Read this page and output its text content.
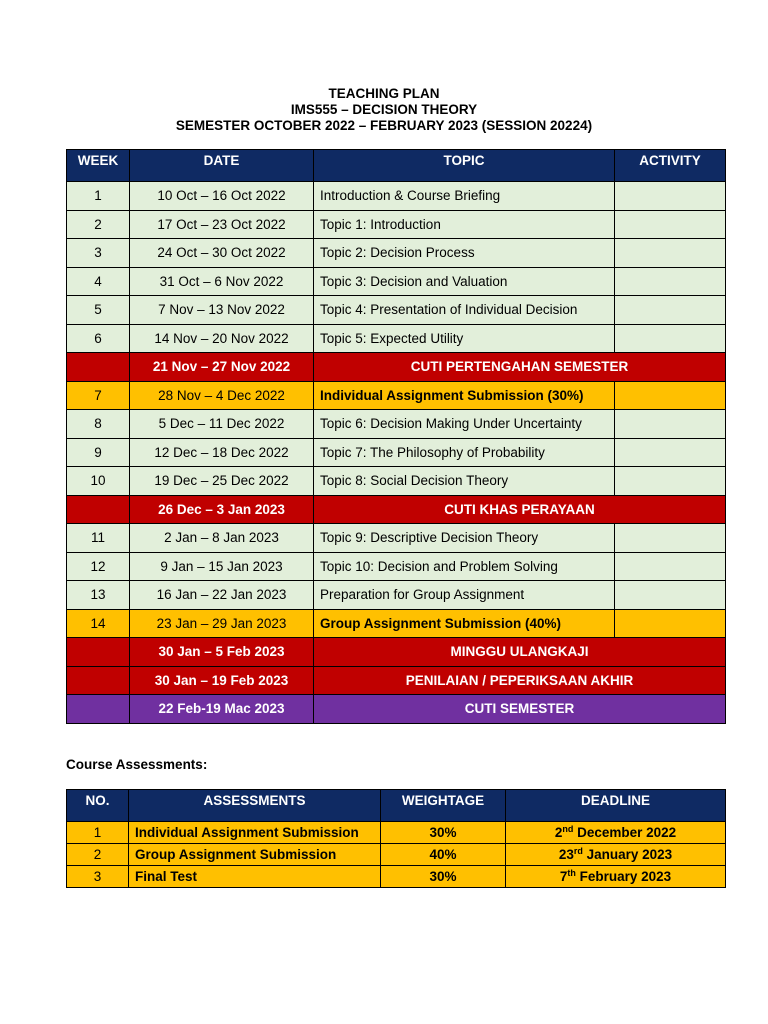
TEACHING PLAN
IMS555 – DECISION THEORY
SEMESTER OCTOBER 2022 – FEBRUARY 2023 (SESSION 20224)
WEEK	DATE	TOPIC	ACTIVITY
1	10 Oct – 16 Oct 2022	Introduction & Course Briefing	
2	17 Oct – 23 Oct 2022	Topic 1: Introduction	
3	24 Oct – 30 Oct 2022	Topic 2: Decision Process	
4	31 Oct – 6 Nov 2022	Topic 3: Decision and Valuation	
5	7 Nov – 13 Nov 2022	Topic 4: Presentation of Individual Decision	
6	14 Nov – 20 Nov 2022	Topic 5: Expected Utility	
	21 Nov – 27 Nov 2022	CUTI PERTENGAHAN SEMESTER	
7	28 Nov – 4 Dec 2022	Individual Assignment Submission (30%)	
8	5 Dec – 11 Dec 2022	Topic 6: Decision Making Under Uncertainty	
9	12 Dec – 18 Dec 2022	Topic 7: The Philosophy of Probability	
10	19 Dec – 25 Dec 2022	Topic 8: Social Decision Theory	
	26 Dec – 3 Jan 2023	CUTI KHAS PERAYAAN	
11	2 Jan – 8 Jan 2023	Topic 9: Descriptive Decision Theory	
12	9 Jan – 15 Jan 2023	Topic 10: Decision and Problem Solving	
13	16 Jan – 22 Jan 2023	Preparation for Group Assignment	
14	23 Jan – 29 Jan 2023	Group Assignment Submission (40%)	
	30 Jan – 5 Feb 2023	MINGGU ULANGKAJI	
	30 Jan – 19 Feb 2023	PENILAIAN / PEPERIKSAAN AKHIR	
	22 Feb-19 Mac 2023	CUTI SEMESTER	
Course Assessments:
NO.	ASSESSMENTS	WEIGHTAGE	DEADLINE
1	Individual Assignment Submission	30%	2nd December 2022
2	Group Assignment Submission	40%	23rd January 2023
3	Final Test	30%	7th February 2023
